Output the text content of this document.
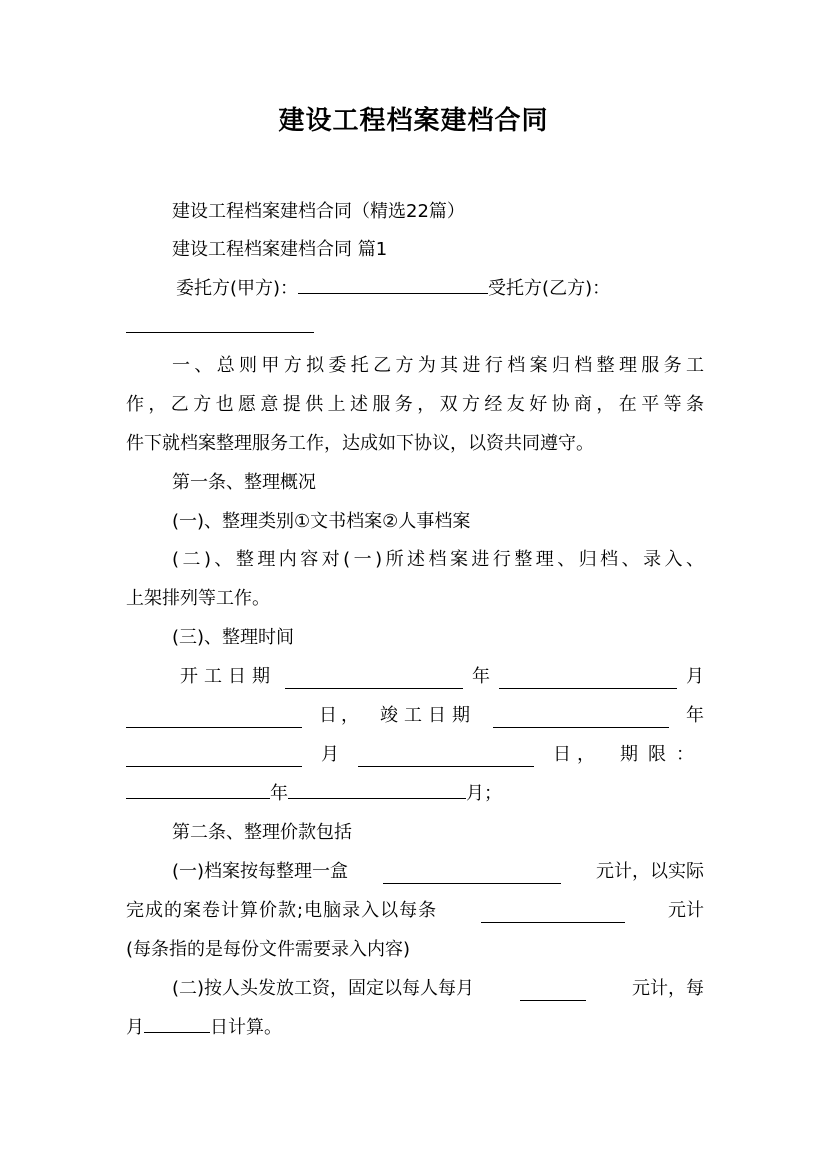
建设工程档案建档合同
建设工程档案建档合同（精选22篇）
建设工程档案建档合同 篇1
委托方(甲方)：	受托方(乙方)：
一、总则甲方拟委托乙方为其进行档案归档整理服务工
作，乙方也愿意提供上述服务，双方经友好协商，在平等条
件下就档案整理服务工作，达成如下协议，以资共同遵守。
第一条、整理概况
(一)、整理类别①文书档案②人事档案
(二)、整理内容对(一)所述档案进行整理、归档、录入、
上架排列等工作。
(三)、整理时间
开工日期	年	月
日， 竣工日期	年
月	日， 期限：
年	月；
第二条、整理价款包括
(一)档案按每整理一盒	元计，以实际
完成的案卷计算价款;电脑录入以每条	元计
(每条指的是每份文件需要录入内容)
(二)按人头发放工资，固定以每人每月	元计，每
月	日计算。
